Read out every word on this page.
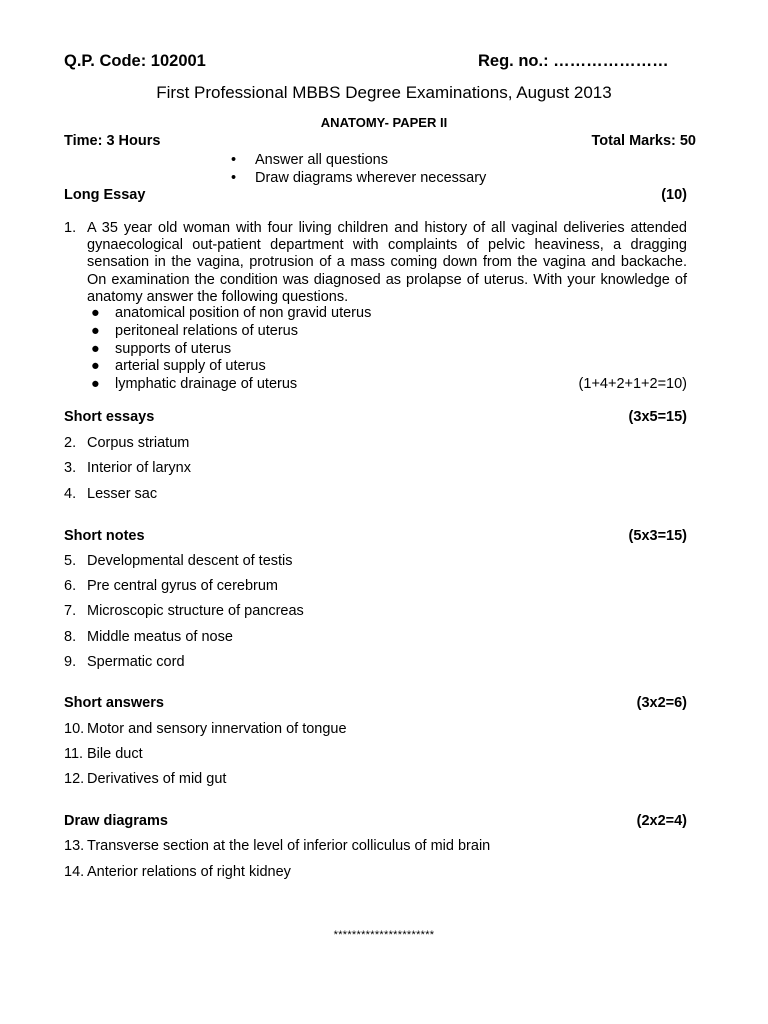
Q.P. Code: 102001	Reg. no.: …………………
First Professional MBBS Degree Examinations, August 2013
ANATOMY- PAPER II
Time: 3 Hours	Total Marks: 50
• Answer all questions
• Draw diagrams wherever necessary
Long Essay	(10)
1. A 35 year old woman with four living children and history of all vaginal deliveries attended gynaecological out-patient department with complaints of pelvic heaviness, a dragging sensation in the vagina, protrusion of a mass coming down from the vagina and backache. On examination the condition was diagnosed as prolapse of uterus. With your knowledge of anatomy answer the following questions.
● anatomical position of non gravid uterus
● peritoneal relations of uterus
● supports of uterus
● arterial supply of uterus
● lymphatic drainage of uterus	(1+4+2+1+2=10)
Short essays	(3x5=15)
2. Corpus striatum
3. Interior of larynx
4. Lesser sac
Short notes	(5x3=15)
5. Developmental descent of testis
6. Pre central gyrus of cerebrum
7. Microscopic structure of pancreas
8. Middle meatus of nose
9. Spermatic cord
Short answers	(3x2=6)
10. Motor and sensory innervation of tongue
11. Bile duct
12. Derivatives of mid gut
Draw diagrams	(2x2=4)
13. Transverse section at the level of inferior colliculus of mid brain
14. Anterior relations of right kidney
**********************
